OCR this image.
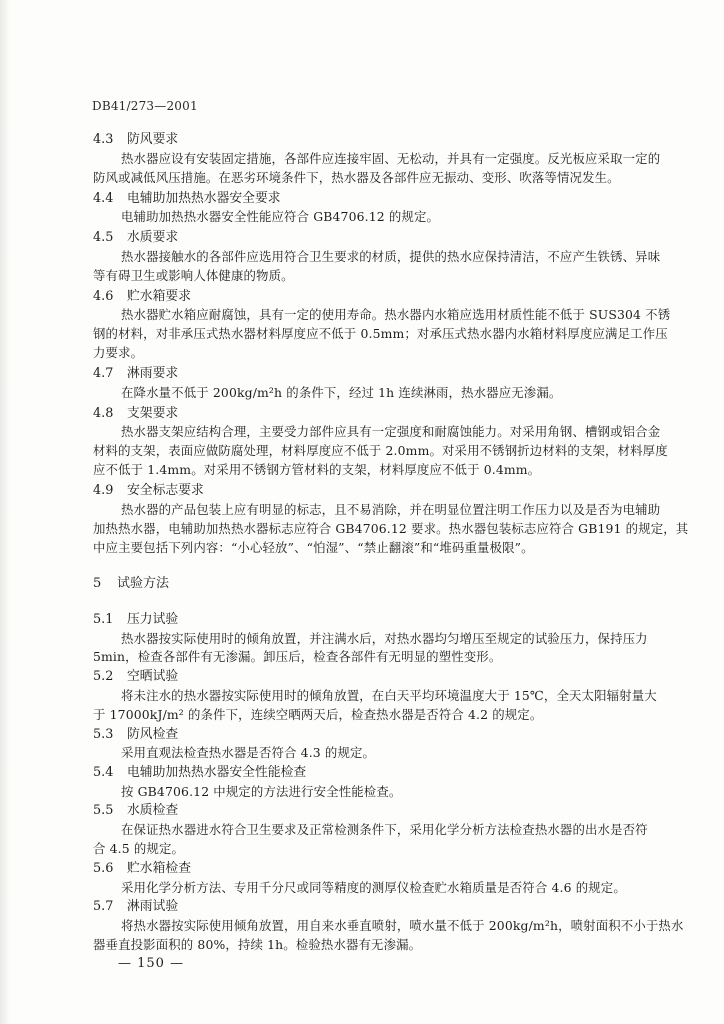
DB41/273—2001
4.3 防风要求
热水器应设有安装固定措施，各部件应连接牢固、无松动，并具有一定强度。反光板应采取一定的
防风或减低风压措施。在恶劣环境条件下，热水器及各部件应无振动、变形、吹落等情况发生。
4.4 电辅助加热热水器安全要求
电辅助加热热水器安全性能应符合 GB4706.12 的规定。
4.5 水质要求
热水器接触水的各部件应选用符合卫生要求的材质，提供的热水应保持清洁，不应产生铁锈、异味
等有碍卫生或影响人体健康的物质。
4.6 贮水箱要求
热水器贮水箱应耐腐蚀，具有一定的使用寿命。热水器内水箱应选用材质性能不低于 SUS304 不锈
钢的材料，对非承压式热水器材料厚度应不低于 0.5mm；对承压式热水器内水箱材料厚度应满足工作压
力要求。
4.7 淋雨要求
在降水量不低于 200kg/m²h 的条件下，经过 1h 连续淋雨，热水器应无渗漏。
4.8 支架要求
热水器支架应结构合理，主要受力部件应具有一定强度和耐腐蚀能力。对采用角钢、槽钢或铝合金
材料的支架，表面应做防腐处理，材料厚度应不低于 2.0mm。对采用不锈钢折边材料的支架，材料厚度
应不低于 1.4mm。对采用不锈钢方管材料的支架，材料厚度应不低于 0.4mm。
4.9 安全标志要求
热水器的产品包装上应有明显的标志，且不易消除，并在明显位置注明工作压力以及是否为电辅助
加热热水器，电辅助加热热水器标志应符合 GB4706.12 要求。热水器包装标志应符合 GB191 的规定，其
中应主要包括下列内容：“小心轻放”、“怕湿”、“禁止翻滚”和“堆码重量极限”。
5 试验方法
5.1 压力试验
热水器按实际使用时的倾角放置，并注满水后，对热水器均匀增压至规定的试验压力，保持压力
5min，检查各部件有无渗漏。卸压后，检查各部件有无明显的塑性变形。
5.2 空晒试验
将未注水的热水器按实际使用时的倾角放置，在白天平均环境温度大于 15℃，全天太阳辐射量大
于 17000kJ/m² 的条件下，连续空晒两天后，检查热水器是否符合 4.2 的规定。
5.3 防风检查
采用直观法检查热水器是否符合 4.3 的规定。
5.4 电辅助加热热水器安全性能检查
按 GB4706.12 中规定的方法进行安全性能检查。
5.5 水质检查
在保证热水器进水符合卫生要求及正常检测条件下，采用化学分析方法检查热水器的出水是否符
合 4.5 的规定。
5.6 贮水箱检查
采用化学分析方法、专用千分尺或同等精度的测厚仪检查贮水箱质量是否符合 4.6 的规定。
5.7 淋雨试验
将热水器按实际使用倾角放置，用自来水垂直喷射，喷水量不低于 200kg/m²h，喷射面积不小于热水
器垂直投影面积的 80%，持续 1h。检验热水器有无渗漏。
— 150 —
